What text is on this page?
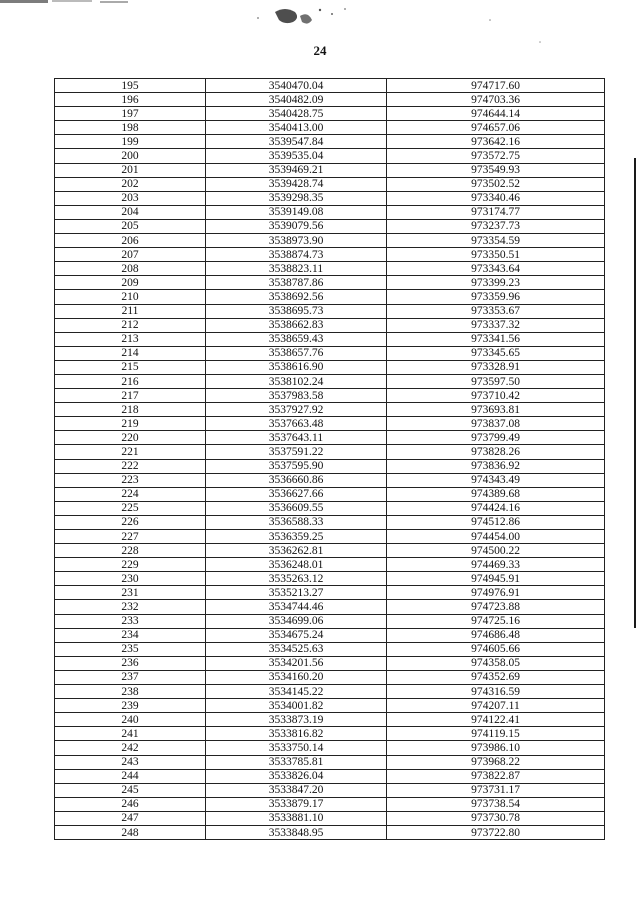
24
195	3540470.04	974717.60
196	3540482.09	974703.36
197	3540428.75	974644.14
198	3540413.00	974657.06
199	3539547.84	973642.16
200	3539535.04	973572.75
201	3539469.21	973549.93
202	3539428.74	973502.52
203	3539298.35	973340.46
204	3539149.08	973174.77
205	3539079.56	973237.73
206	3538973.90	973354.59
207	3538874.73	973350.51
208	3538823.11	973343.64
209	3538787.86	973399.23
210	3538692.56	973359.96
211	3538695.73	973353.67
212	3538662.83	973337.32
213	3538659.43	973341.56
214	3538657.76	973345.65
215	3538616.90	973328.91
216	3538102.24	973597.50
217	3537983.58	973710.42
218	3537927.92	973693.81
219	3537663.48	973837.08
220	3537643.11	973799.49
221	3537591.22	973828.26
222	3537595.90	973836.92
223	3536660.86	974343.49
224	3536627.66	974389.68
225	3536609.55	974424.16
226	3536588.33	974512.86
227	3536359.25	974454.00
228	3536262.81	974500.22
229	3536248.01	974469.33
230	3535263.12	974945.91
231	3535213.27	974976.91
232	3534744.46	974723.88
233	3534699.06	974725.16
234	3534675.24	974686.48
235	3534525.63	974605.66
236	3534201.56	974358.05
237	3534160.20	974352.69
238	3534145.22	974316.59
239	3534001.82	974207.11
240	3533873.19	974122.41
241	3533816.82	974119.15
242	3533750.14	973986.10
243	3533785.81	973968.22
244	3533826.04	973822.87
245	3533847.20	973731.17
246	3533879.17	973738.54
247	3533881.10	973730.78
248	3533848.95	973722.80
